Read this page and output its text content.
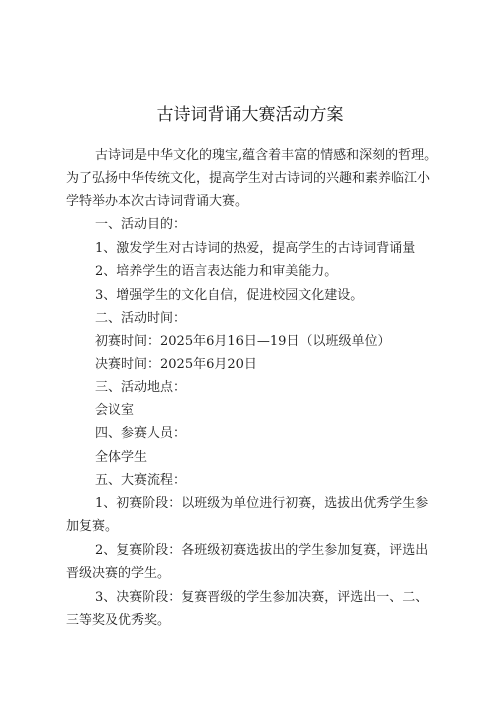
古诗词背诵大赛活动方案
古诗词是中华文化的瑰宝,蕴含着丰富的情感和深刻的哲理。
为了弘扬中华传统文化，提高学生对古诗词的兴趣和素养临江小
学特举办本次古诗词背诵大赛。
一、活动目的：
1、激发学生对古诗词的热爱，提高学生的古诗词背诵量
2、培养学生的语言表达能力和审美能力。
3、增强学生的文化自信，促进校园文化建设。
二、活动时间：
初赛时间：2025年6月16日—19日（以班级单位）
决赛时间：2025年6月20日
三、活动地点：
会议室
四、参赛人员：
全体学生
五、大赛流程：
1、初赛阶段：以班级为单位进行初赛，选拔出优秀学生参
加复赛。
2、复赛阶段：各班级初赛选拔出的学生参加复赛，评选出
晋级决赛的学生。
3、决赛阶段：复赛晋级的学生参加决赛，评选出一、二、
三等奖及优秀奖。
